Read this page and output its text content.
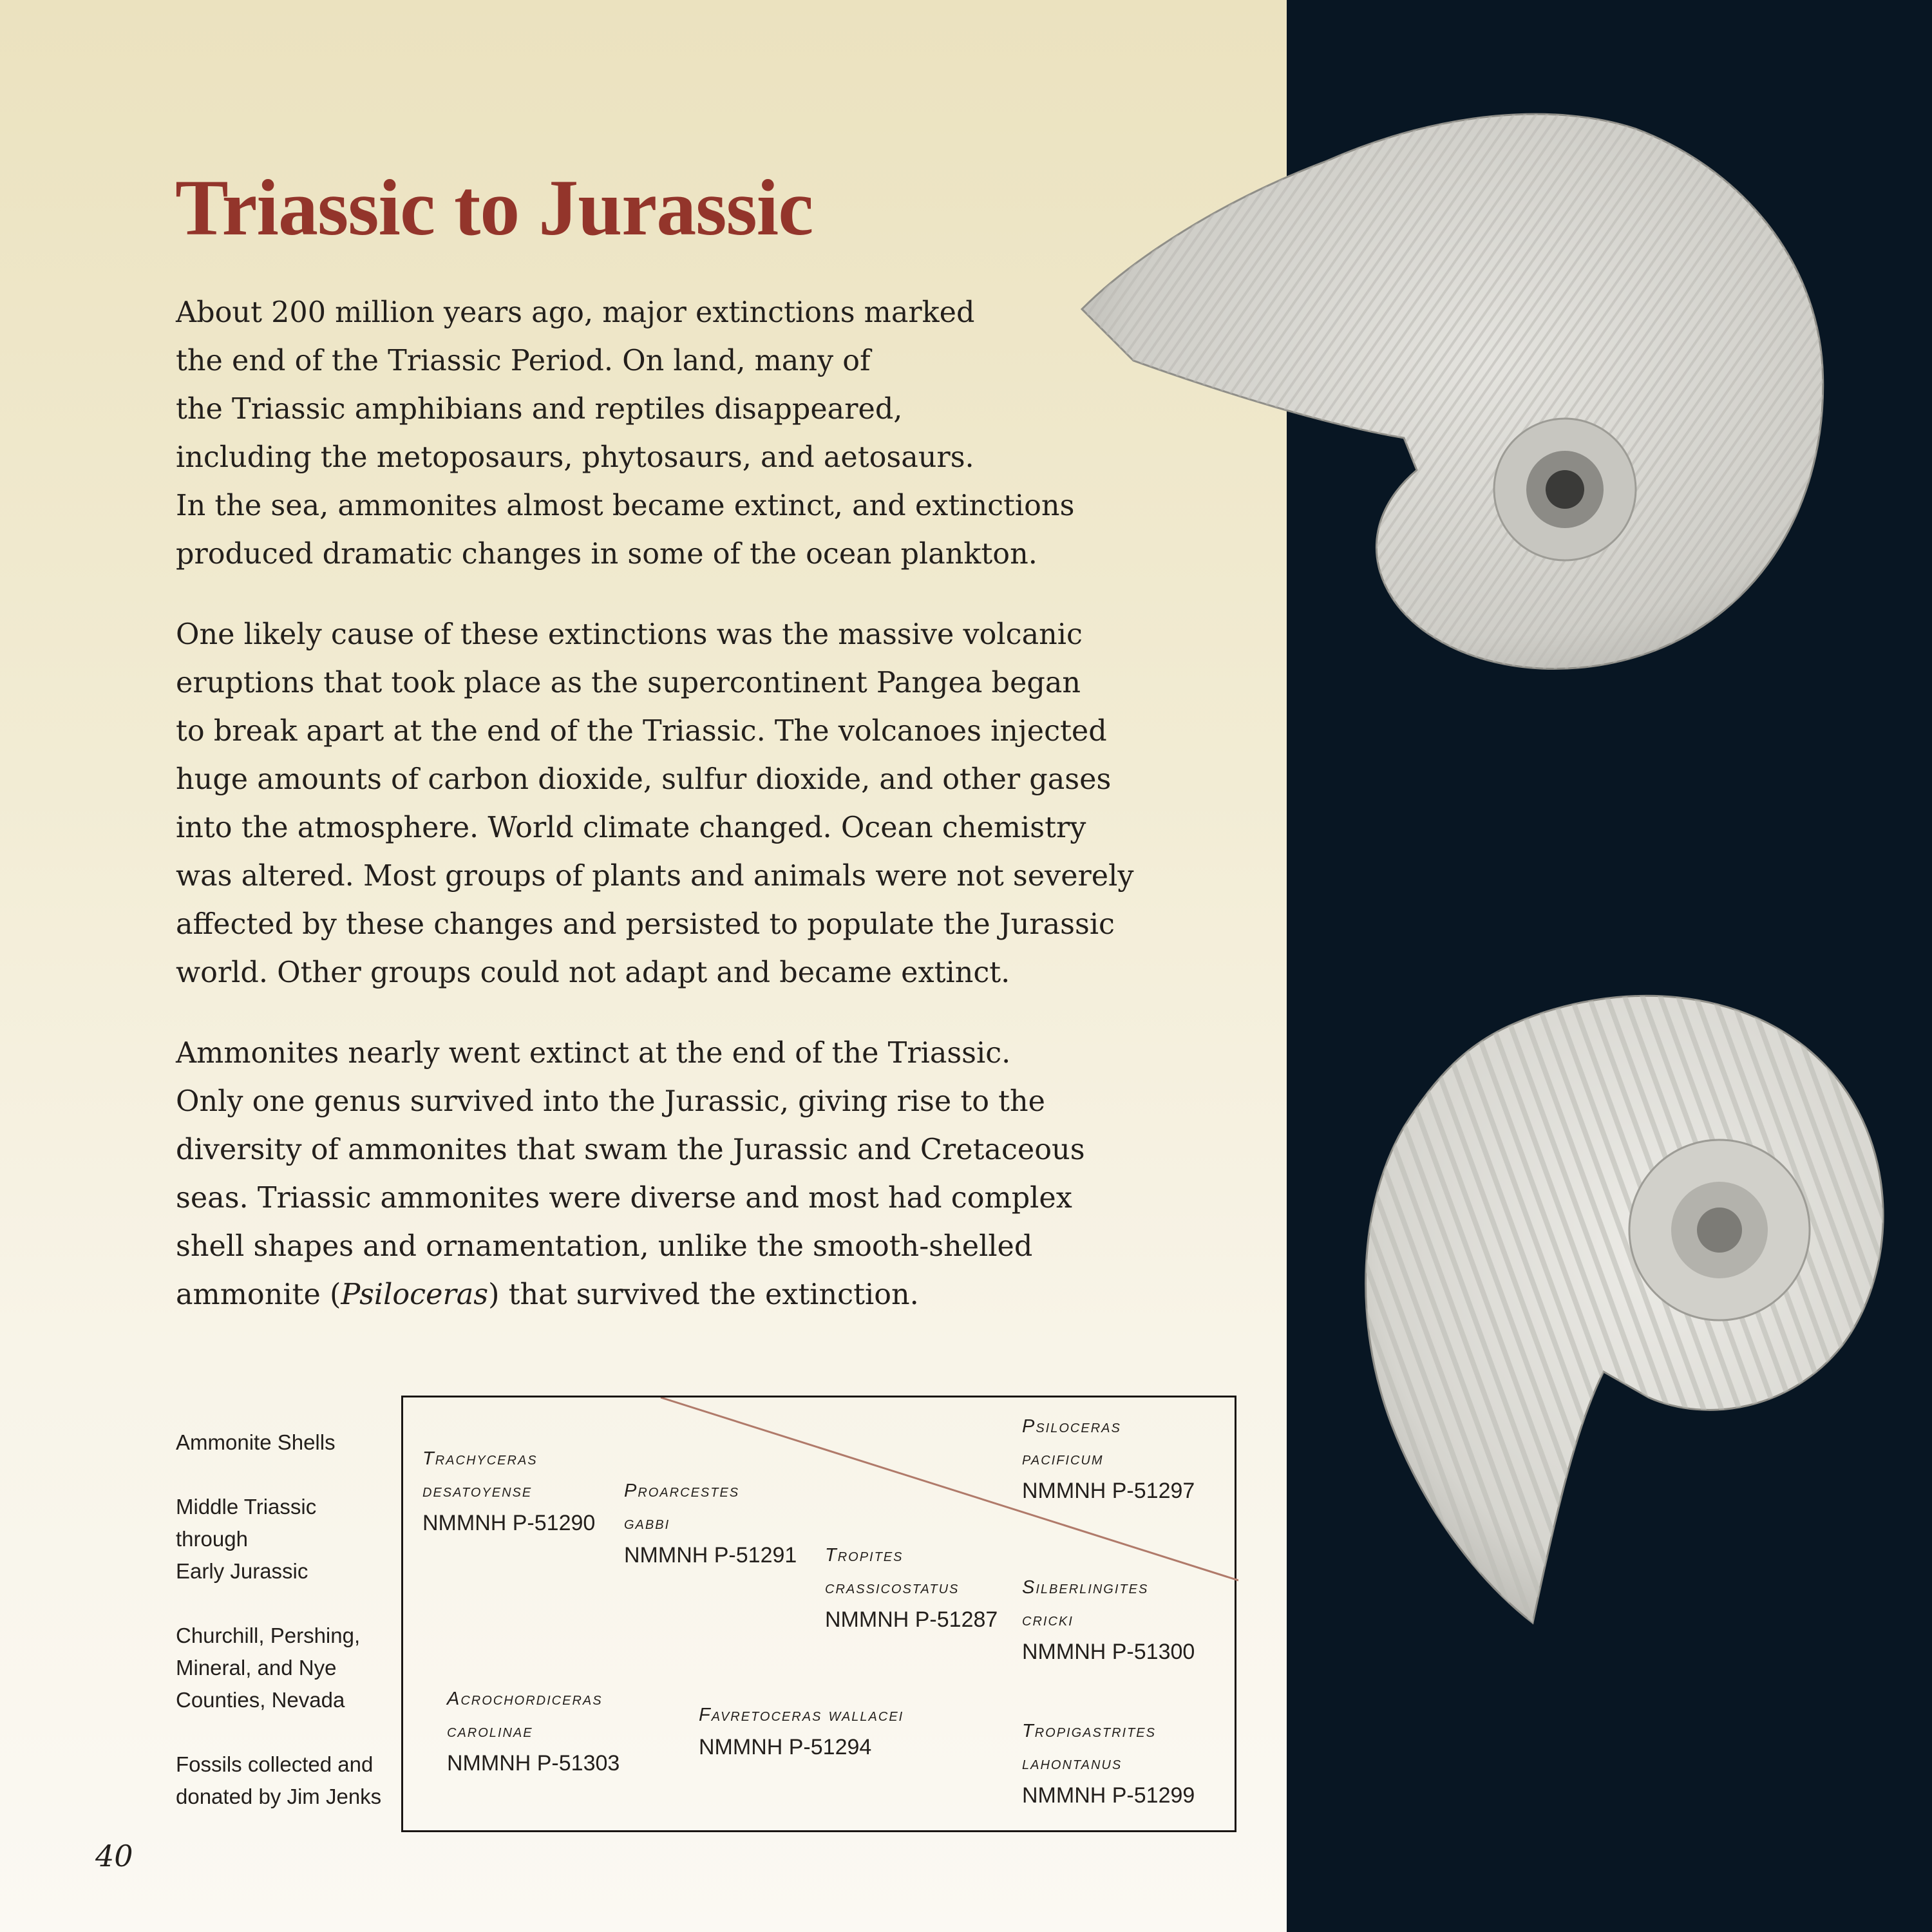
Triassic to Jurassic

About 200 million years ago, major extinctions marked
the end of the Triassic Period. On land, many of
the Triassic amphibians and reptiles disappeared,
including the metoposaurs, phytosaurs, and aetosaurs.
In the sea, ammonites almost became extinct, and extinctions
produced dramatic changes in some of the ocean plankton.

One likely cause of these extinctions was the massive volcanic
eruptions that took place as the supercontinent Pangea began
to break apart at the end of the Triassic. The volcanoes injected
huge amounts of carbon dioxide, sulfur dioxide, and other gases
into the atmosphere. World climate changed. Ocean chemistry
was altered. Most groups of plants and animals were not severely
affected by these changes and persisted to populate the Jurassic
world. Other groups could not adapt and became extinct.

Ammonites nearly went extinct at the end of the Triassic.
Only one genus survived into the Jurassic, giving rise to the
diversity of ammonites that swam the Jurassic and Cretaceous
seas. Triassic ammonites were diverse and most had complex
shell shapes and ornamentation, unlike the smooth-shelled
ammonite (Psiloceras) that survived the extinction.

Ammonite Shells
Middle Triassic
through
Early Jurassic
Churchill, Pershing,
Mineral, and Nye
Counties, Nevada
Fossils collected and
donated by Jim Jenks
Trachyceras
desatoyense
NMMNH P-51290
Proarcestes
gabbi
NMMNH P-51291 Tropites
crassicostatus
NMMNH P-51287
Psiloceras
pacificum
NMMNH P-51297
Silberlingites
cricki
NMMNH P-51300
Acrochordiceras
carolinae
NMMNH P-51303
Favretoceras wallacei
NMMNH P-51294
Tropigastrites
lahontanus
NMMNH P-51299
40
